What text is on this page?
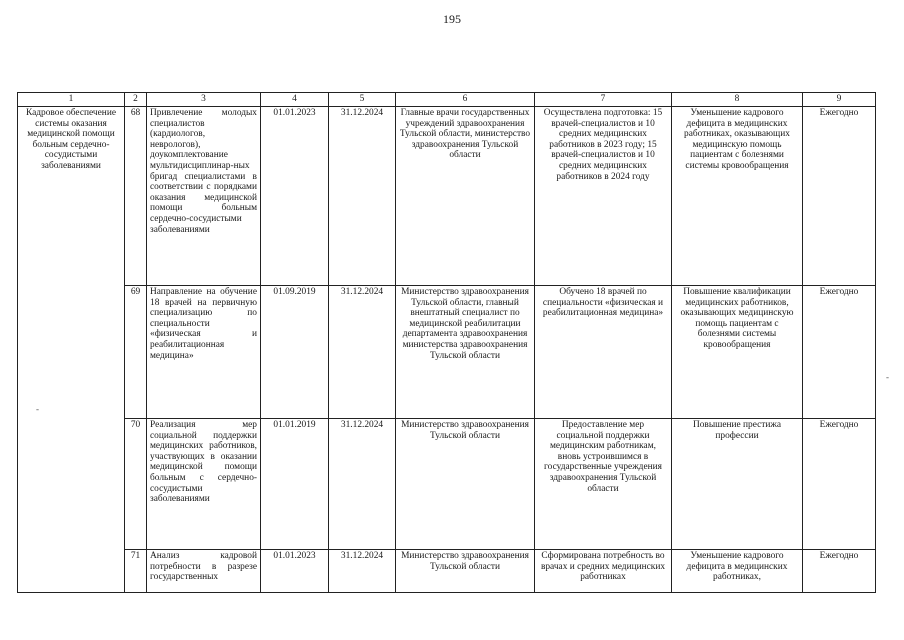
195
1	2	3	4	5	6	7	8	9
Кадровое обеспечение системы оказания медицинской помощи больным сердечно-сосудистыми заболеваниями	68	Привлечение молодых специалистов (кардиологов, неврологов), доукомплектование мультидисциплинар-ных бригад специалистами в соответствии с порядками оказания медицинской помощи больным сердечно-сосудистыми заболеваниями	01.01.2023	31.12.2024	Главные врачи государственных учреждений здравоохранения Тульской области, министерство здравоохранения Тульской области	Осуществлена подготовка: 15 врачей-специалистов и 10 средних медицинских работников в 2023 году; 15 врачей-специалистов и 10 средних медицинских работников в 2024 году	Уменьшение кадрового дефицита в медицинских работниках, оказывающих медицинскую помощь пациентам с болезнями системы кровообращения	Ежегодно
	69	Направление на обучение 18 врачей на первичную специализацию по специальности «физическая и реабилитационная медицина»	01.09.2019	31.12.2024	Министерство здравоохранения Тульской области, главный внештатный специалист по медицинской реабилитации департамента здравоохранения министерства здравоохранения Тульской области	Обучено 18 врачей по специальности «физическая и реабилитационная медицина»	Повышение квалификации медицинских работников, оказывающих медицинскую помощь пациентам с болезнями системы кровообращения	Ежегодно
	70	Реализация мер социальной поддержки медицинских работников, участвующих в оказании медицинской помощи больным с сердечно-сосудистыми заболеваниями	01.01.2019	31.12.2024	Министерство здравоохранения Тульской области	Предоставление мер социальной поддержки медицинским работникам, вновь устроившимся в государственные учреждения здравоохранения Тульской области	Повышение престижа профессии	Ежегодно
	71	Анализ кадровой потребности в разрезе государственных	01.01.2023	31.12.2024	Министерство здравоохранения Тульской области	Сформирована потребность во врачах и средних медицинских работниках	Уменьшение кадрового дефицита в медицинских работниках,	Ежегодно
-
-
